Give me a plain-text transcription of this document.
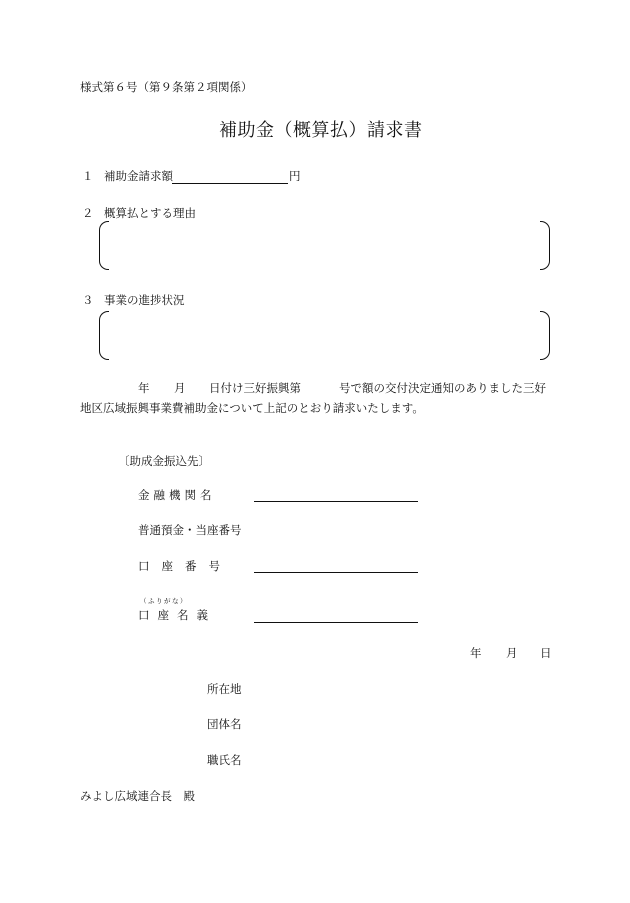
様式第６号（第９条第２項関係）
補助金（概算払）請求書
１ 補助金請求額	円
２ 概算払とする理由
３ 事業の進捗状況
年 月 日付け三好振興第	号で額の交付決定通知のありました三好
地区広域振興事業費補助金について上記のとおり請求いたします。
〔助成金振込先〕
金融機関名
普通預金・当座番号
口座番号
（ふりがな）
口座名義
年 月 日
所在地
団体名
職氏名
みよし広域連合長　殿
